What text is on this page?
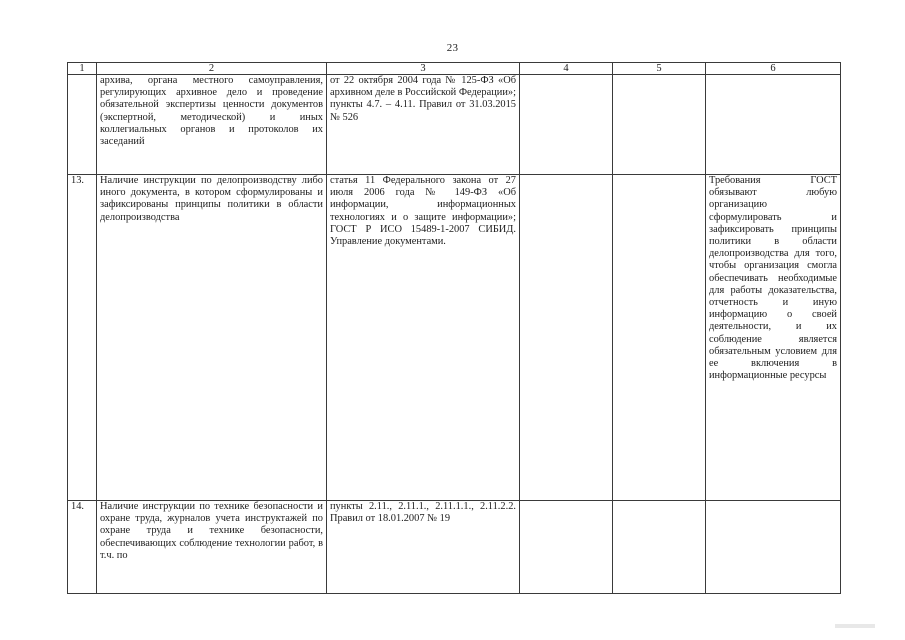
23
1	2	3	4	5	6
	архива, органа местного самоуправления, регулирующих архивное дело и проведение обязательной экспертизы ценности документов (экспертной, методической) и иных коллегиальных органов и протоколов их заседаний	от 22 октября 2004 года № 125-ФЗ «Об архивном деле в Российской Федерации»; пункты 4.7. – 4.11. Правил от 31.03.2015 № 526			
13.	Наличие инструкции по делопроизводству либо иного документа, в котором сформулированы и зафиксированы принципы политики в области делопроизводства	статья 11 Федерального закона от 27 июля 2006 года № 149-ФЗ «Об информации, информационных технологиях и о защите информации»; ГОСТ Р ИСО 15489-1-2007 СИБИД. Управление документами.			Требования ГОСТ обязывают любую организацию сформулировать и зафиксировать принципы политики в области делопроизводства для того, чтобы организация смогла обеспечивать необходимые для работы доказательства, отчетность и иную информацию о своей деятельности, и их соблюдение является обязательным условием для ее включения в информационные ресурсы
14.	Наличие инструкции по технике безопасности и охране труда, журналов учета инструктажей по охране труда и технике безопасности, обеспечивающих соблюдение технологии работ, в т.ч. по	пункты 2.11., 2.11.1., 2.11.1.1., 2.11.2.2. Правил от 18.01.2007 № 19			
